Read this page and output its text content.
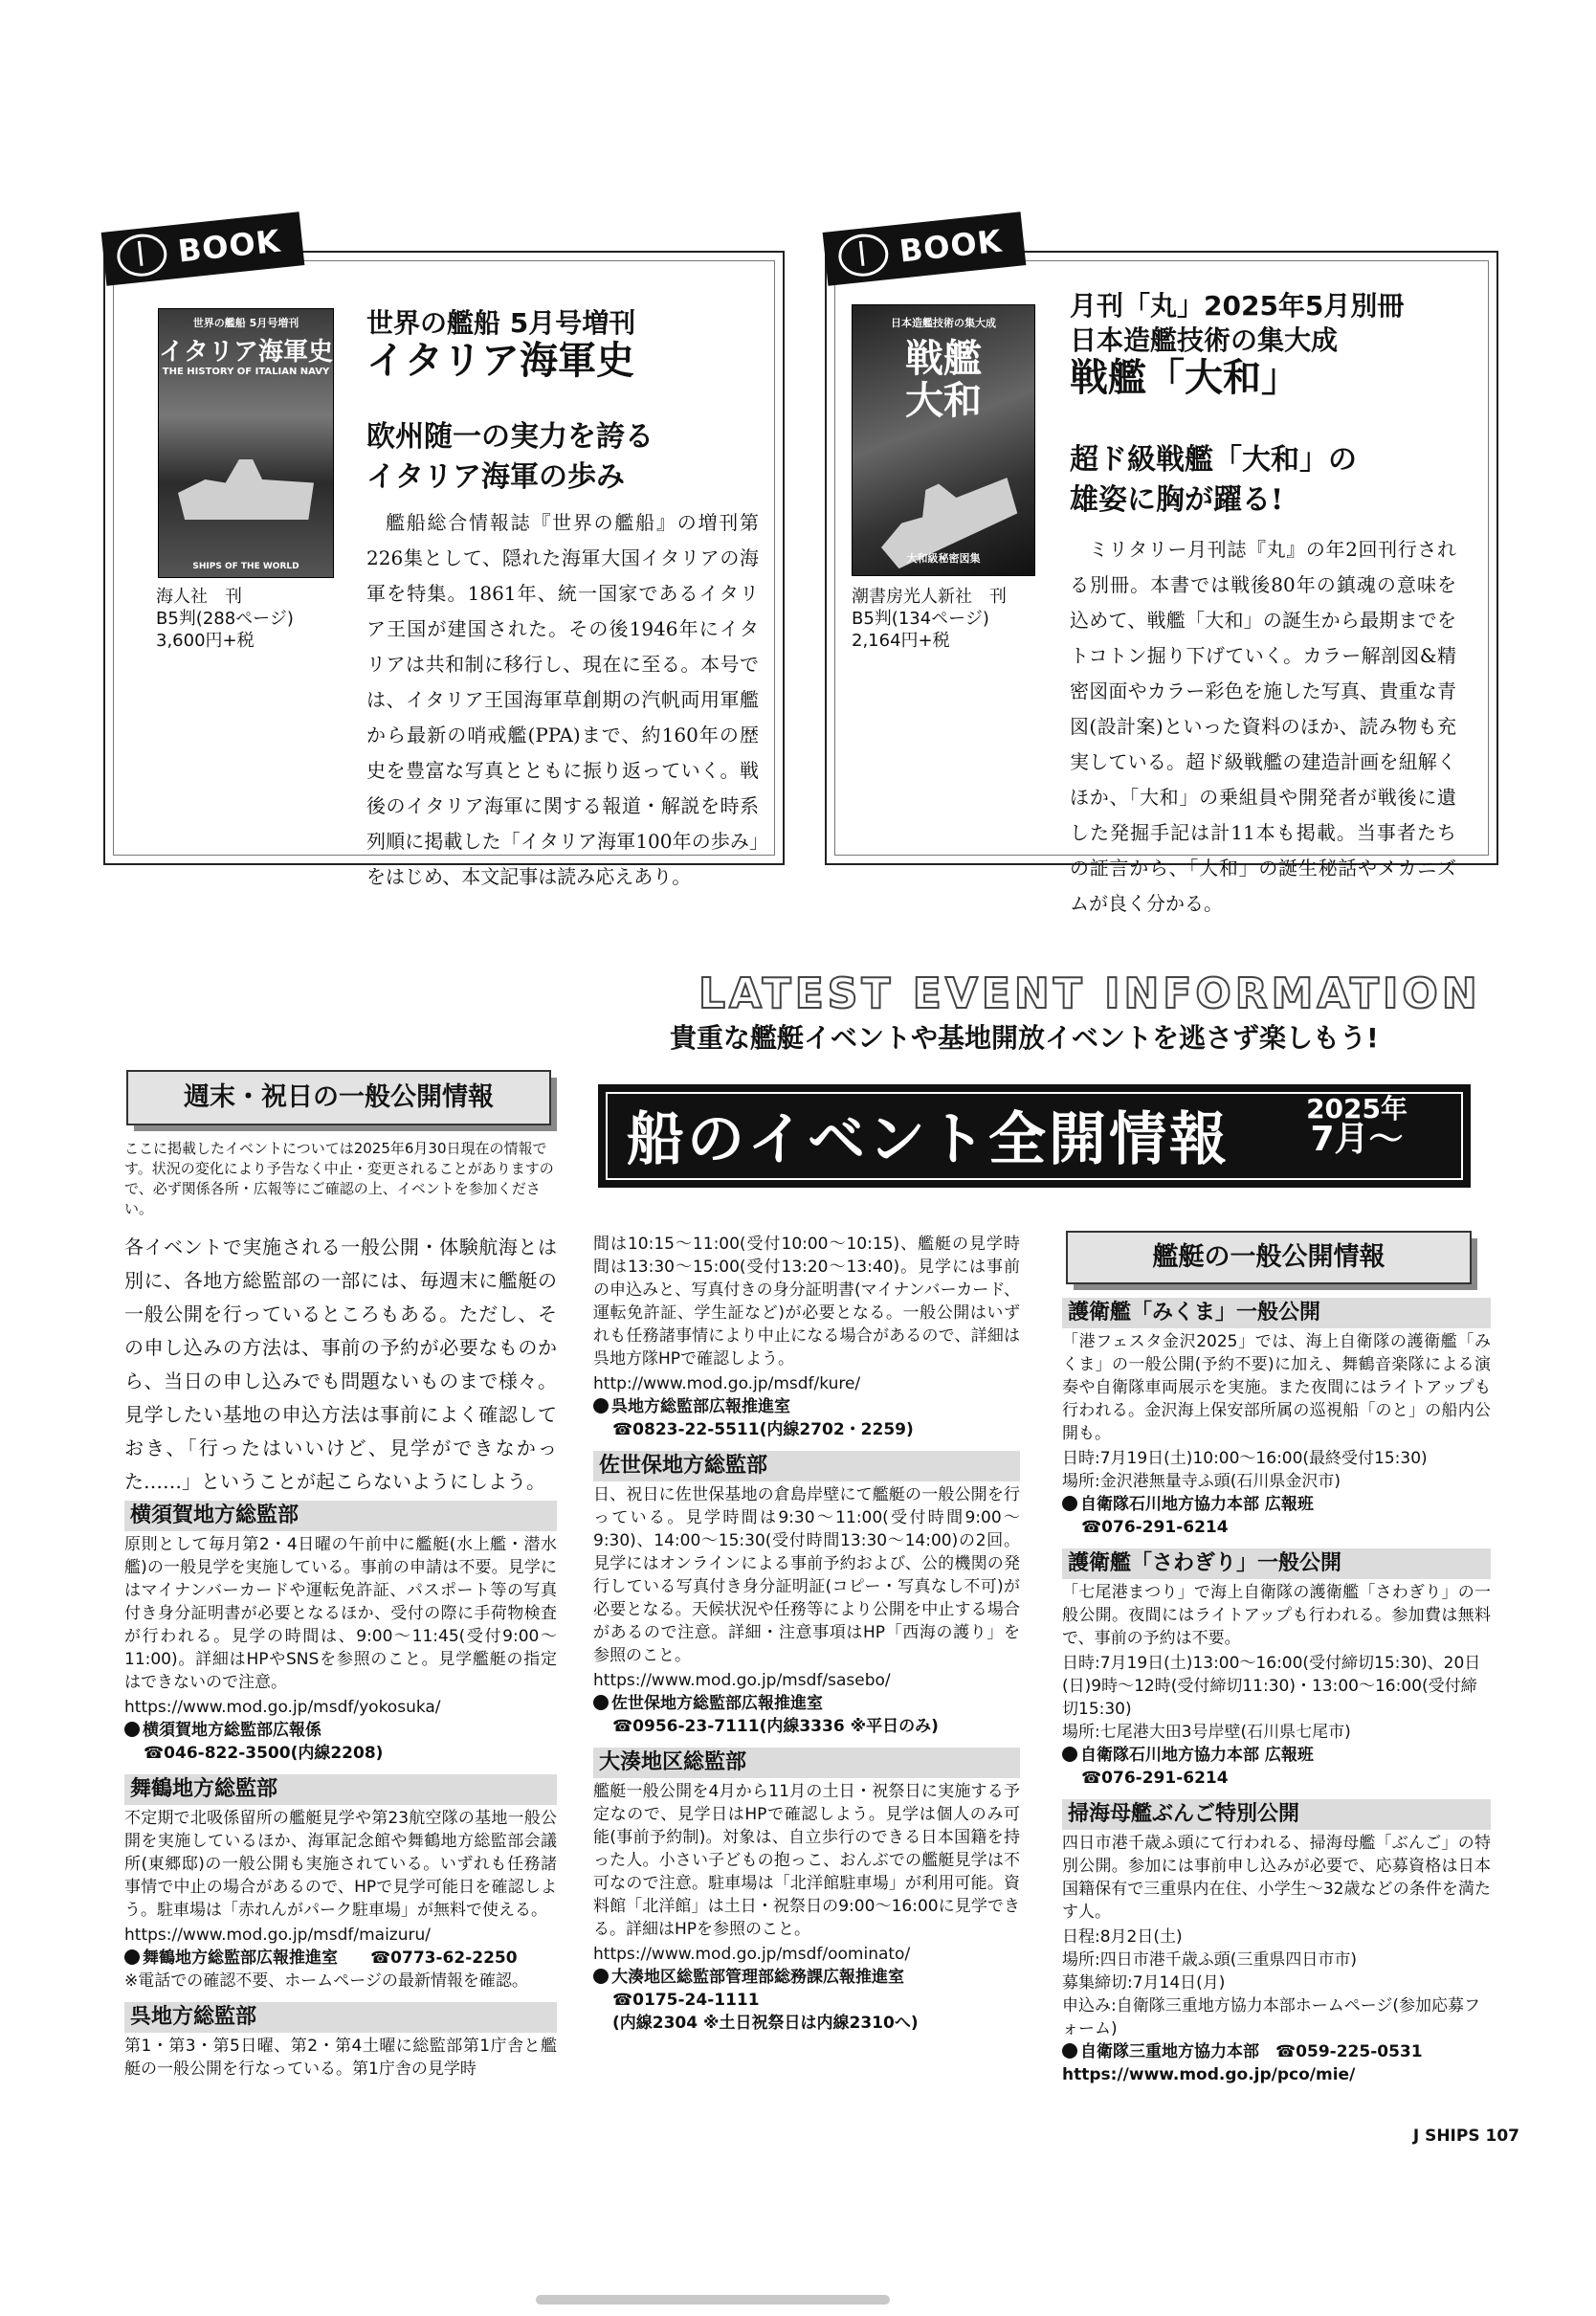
BOOK
世界の艦船 5月号増刊
イタリア海軍史
THE HISTORY OF ITALIAN NAVY
SHIPS OF THE WORLD
海人社　刊
B5判(288ページ)
3,600円+税
世界の艦船 5月号増刊
イタリア海軍史
欧州随一の実力を誇る
イタリア海軍の歩み
艦船総合情報誌『世界の艦船』の増刊第226集として、隠れた海軍大国イタリアの海軍を特集。1861年、統一国家であるイタリア王国が建国された。その後1946年にイタリアは共和制に移行し、現在に至る。本号では、イタリア王国海軍草創期の汽帆両用軍艦から最新の哨戒艦(PPA)まで、約160年の歴史を豊富な写真とともに振り返っていく。戦後のイタリア海軍に関する報道・解説を時系列順に掲載した「イタリア海軍100年の歩み」をはじめ、本文記事は読み応えあり。
BOOK
日本造艦技術の集大成
戦艦 大和
大和級秘密図集
潮書房光人新社　刊
B5判(134ページ)
2,164円+税
月刊「丸」2025年5月別冊
日本造艦技術の集大成
戦艦「大和」
超ド級戦艦「大和」の
雄姿に胸が躍る!
ミリタリー月刊誌『丸』の年2回刊行される別冊。本書では戦後80年の鎮魂の意味を込めて、戦艦「大和」の誕生から最期までをトコトン掘り下げていく。カラー解剖図&精密図面やカラー彩色を施した写真、貴重な青図(設計案)といった資料のほか、読み物も充実している。超ド級戦艦の建造計画を紐解くほか、「大和」の乗組員や開発者が戦後に遺した発掘手記は計11本も掲載。当事者たちの証言から、「大和」の誕生秘話やメカニズムが良く分かる。
LATEST EVENT INFORMATION
貴重な艦艇イベントや基地開放イベントを逃さず楽しもう!
船のイベント全開情報	2025年
7月〜
週末・祝日の一般公開情報
ここに掲載したイベントについては2025年6月30日現在の情報です。状況の変化により予告なく中止・変更されることがありますので、必ず関係各所・広報等にご確認の上、イベントを参加ください。
各イベントで実施される一般公開・体験航海とは別に、各地方総監部の一部には、毎週末に艦艇の一般公開を行っているところもある。ただし、その申し込みの方法は、事前の予約が必要なものから、当日の申し込みでも問題ないものまで様々。見学したい基地の申込方法は事前によく確認しておき、「行ったはいいけど、見学ができなかった……」ということが起こらないようにしよう。
横須賀地方総監部
原則として毎月第2・4日曜の午前中に艦艇(水上艦・潜水艦)の一般見学を実施している。事前の申請は不要。見学にはマイナンバーカードや運転免許証、パスポート等の写真付き身分証明書が必要となるほか、受付の際に手荷物検査が行われる。見学の時間は、9:00〜11:45(受付9:00〜11:00)。詳細はHPやSNSを参照のこと。見学艦艇の指定はできないので注意。
https://www.mod.go.jp/msdf/yokosuka/
横須賀地方総監部広報係
☎046-822-3500(内線2208)
舞鶴地方総監部
不定期で北吸係留所の艦艇見学や第23航空隊の基地一般公開を実施しているほか、海軍記念館や舞鶴地方総監部会議所(東郷邸)の一般公開も実施されている。いずれも任務諸事情で中止の場合があるので、HPで見学可能日を確認しよう。駐車場は「赤れんがパーク駐車場」が無料で使える。
https://www.mod.go.jp/msdf/maizuru/
舞鶴地方総監部広報推進室　　 ☎0773-62-2250
※電話での確認不要、ホームページの最新情報を確認。
呉地方総監部
第1・第3・第5日曜、第2・第4土曜に総監部第1庁舎と艦艇の一般公開を行なっている。第1庁舎の見学時
間は10:15〜11:00(受付10:00〜10:15)、艦艇の見学時間は13:30〜15:00(受付13:20〜13:40)。見学には事前の申込みと、写真付きの身分証明書(マイナンバーカード、運転免許証、学生証など)が必要となる。一般公開はいずれも任務諸事情により中止になる場合があるので、詳細は呉地方隊HPで確認しよう。
http://www.mod.go.jp/msdf/kure/
呉地方総監部広報推進室
☎0823-22-5511(内線2702・2259)
佐世保地方総監部
日、祝日に佐世保基地の倉島岸壁にて艦艇の一般公開を行っている。見学時間は9:30〜11:00(受付時間9:00〜9:30)、14:00〜15:30(受付時間13:30〜14:00)の2回。見学にはオンラインによる事前予約および、公的機関の発行している写真付き身分証明証(コピー・写真なし不可)が必要となる。天候状況や任務等により公開を中止する場合があるので注意。詳細・注意事項はHP「西海の護り」を参照のこと。
https://www.mod.go.jp/msdf/sasebo/
佐世保地方総監部広報推進室
☎0956-23-7111(内線3336 ※平日のみ)
大湊地区総監部
艦艇一般公開を4月から11月の土日・祝祭日に実施する予定なので、見学日はHPで確認しよう。見学は個人のみ可能(事前予約制)。対象は、自立歩行のできる日本国籍を持った人。小さい子どもの抱っこ、おんぶでの艦艇見学は不可なので注意。駐車場は「北洋館駐車場」が利用可能。資料館「北洋館」は土日・祝祭日の9:00〜16:00に見学できる。詳細はHPを参照のこと。
https://www.mod.go.jp/msdf/oominato/
大湊地区総監部管理部総務課広報推進室
☎0175-24-1111
(内線2304 ※土日祝祭日は内線2310へ)
艦艇の一般公開情報
護衛艦「みくま」一般公開
「港フェスタ金沢2025」では、海上自衛隊の護衛艦「みくま」の一般公開(予約不要)に加え、舞鶴音楽隊による演奏や自衛隊車両展示を実施。また夜間にはライトアップも行われる。金沢海上保安部所属の巡視船「のと」の船内公開も。
日時:7月19日(土)10:00〜16:00(最終受付15:30)
場所:金沢港無量寺ふ頭(石川県金沢市)
自衛隊石川地方協力本部 広報班
☎076-291-6214
護衛艦「さわぎり」一般公開
「七尾港まつり」で海上自衛隊の護衛艦「さわぎり」の一般公開。夜間にはライトアップも行われる。参加費は無料で、事前の予約は不要。
日時:7月19日(土)13:00〜16:00(受付締切15:30)、20日(日)9時〜12時(受付締切11:30)・13:00〜16:00(受付締切15:30)
場所:七尾港大田3号岸壁(石川県七尾市)
自衛隊石川地方協力本部 広報班
☎076-291-6214
掃海母艦ぶんご特別公開
四日市港千歳ふ頭にて行われる、掃海母艦「ぶんご」の特別公開。参加には事前申し込みが必要で、応募資格は日本国籍保有で三重県内在住、小学生〜32歳などの条件を満たす人。
日程:8月2日(土)
場所:四日市港千歳ふ頭(三重県四日市市)
募集締切:7月14日(月)
申込み:自衛隊三重地方協力本部ホームページ(参加応募フォーム)
自衛隊三重地方協力本部　 ☎059-225-0531
https://www.mod.go.jp/pco/mie/
J SHIPS 107
